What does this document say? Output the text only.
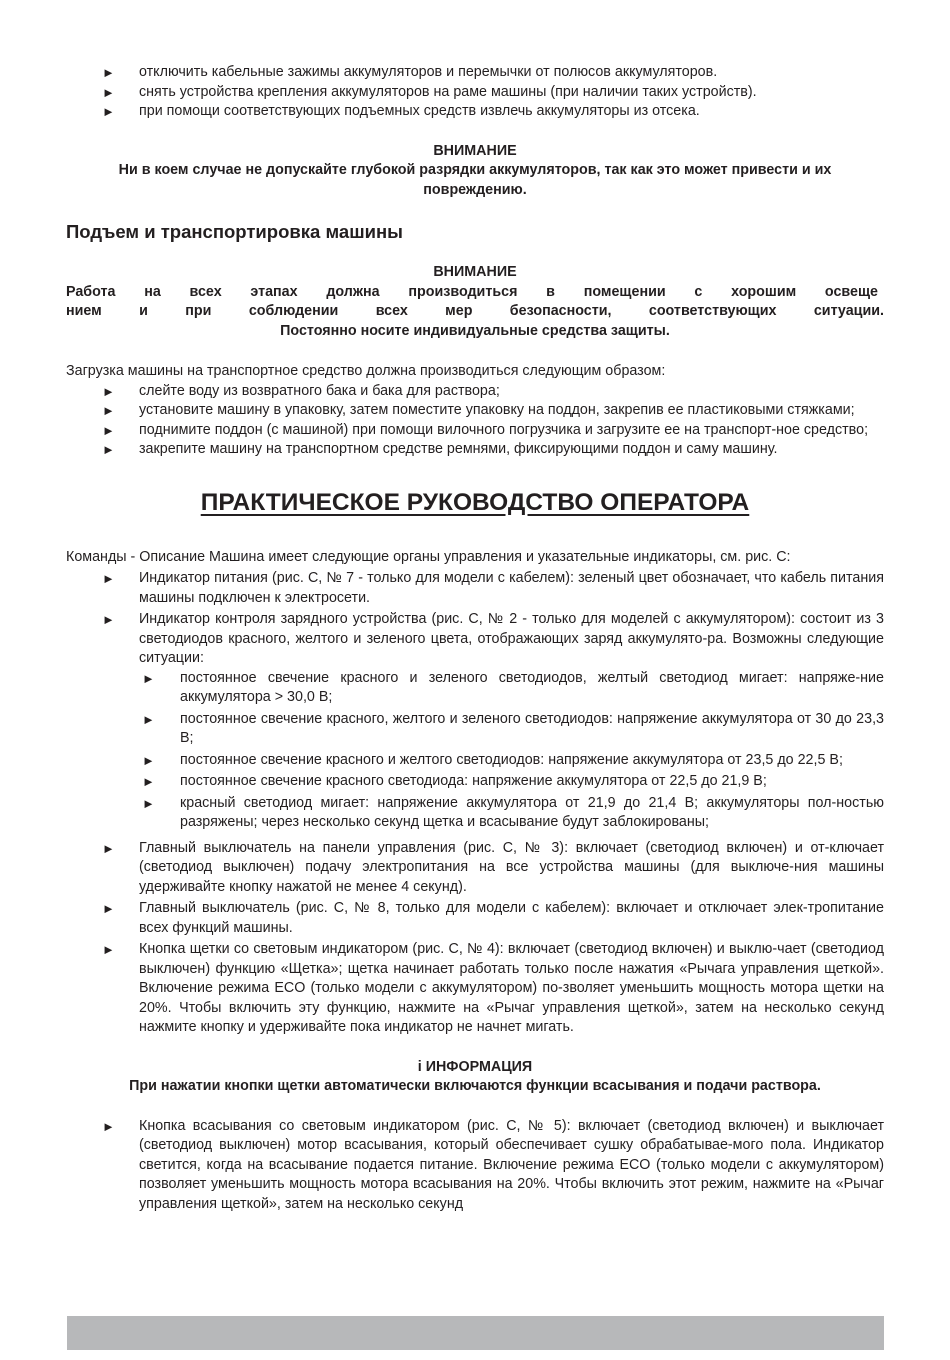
► отключить кабельные зажимы аккумуляторов и перемычки от полюсов аккумуляторов.
► снять устройства крепления аккумуляторов на раме машины (при наличии таких устройств).
► при помощи соответствующих подъемных средств извлечь аккумуляторы из отсека.
ВНИМАНИЕ
Ни в коем случае не допускайте глубокой разрядки аккумуляторов, так как это может привести и их
повреждению.
Подъем и транспортировка машины
ВНИМАНИЕ
Работа на всех этапах должна производиться в помещении с хорошим освеще
нием и при соблюдении всех мер безопасности, соответствующих ситуации.
Постоянно носите индивидуальные средства защиты.
Загрузка машины на транспортное средство должна производиться следующим образом:
► слейте воду из возвратного бака и бака для раствора;
► установите машину в упаковку, затем поместите упаковку на поддон, закрепив ее пластиковыми стяжками;
► поднимите поддон (с машиной) при помощи вилочного погрузчика и загрузите ее на транспорт-ное средство;
► закрепите машину на транспортном средстве ремнями, фиксирующими поддон и саму машину.
ПРАКТИЧЕСКОЕ РУКОВОДСТВО ОПЕРАТОРА
Команды - Описание Машина имеет следующие органы управления и указательные индикаторы, см. рис. C:
► Индикатор питания (рис. C, № 7 - только для модели с кабелем): зеленый цвет обозначает, что кабель питания машины подключен к электросети.
► Индикатор контроля зарядного устройства (рис. C, № 2 - только для моделей с аккумулятором): состоит из 3 светодиодов красного, желтого и зеленого цвета, отображающих заряд аккумулято-ра. Возможны следующие ситуации:
► постоянное свечение красного и зеленого светодиодов, желтый светодиод мигает: напряже-ние аккумулятора > 30,0 В;
► постоянное свечение красного, желтого и зеленого светодиодов: напряжение аккумулятора от 30 до 23,3 В;
► постоянное свечение красного и желтого светодиодов: напряжение аккумулятора от 23,5 до 22,5 В;
► постоянное свечение красного светодиода: напряжение аккумулятора от 22,5 до 21,9 В;
► красный светодиод мигает: напряжение аккумулятора от 21,9 до 21,4 В; аккумуляторы пол-ностью разряжены; через несколько секунд щетка и всасывание будут заблокированы;
► Главный выключатель на панели управления (рис. C, № 3): включает (светодиод включен) и от-ключает (светодиод выключен) подачу электропитания на все устройства машины (для выключе-ния машины удерживайте кнопку нажатой не менее 4 секунд).
► Главный выключатель (рис. C, № 8, только для модели с кабелем): включает и отключает элек-тропитание всех функций машины.
► Кнопка щетки со световым индикатором (рис. C, № 4): включает (светодиод включен) и выклю-чает (светодиод выключен) функцию «Щетка»; щетка начинает работать только после нажатия «Рычага управления щеткой». Включение режима ECO (только модели с аккумулятором) по-зволяет уменьшить мощность мотора щетки на 20%. Чтобы включить эту функцию, нажмите на «Рычаг управления щеткой», затем на несколько секунд нажмите кнопку и удерживайте пока индикатор не начнет мигать.
i ИНФОРМАЦИЯ
При нажатии кнопки щетки автоматически включаются функции всасывания и подачи раствора.
► Кнопка всасывания со световым индикатором (рис. C, № 5): включает (светодиод включен) и выключает (светодиод выключен) мотор всасывания, который обеспечивает сушку обрабатывае-мого пола. Индикатор светится, когда на всасывание подается питание. Включение режима ECO (только модели с аккумулятором) позволяет уменьшить мощность мотора всасывания на 20%. Чтобы включить этот режим, нажмите на «Рычаг управления щеткой», затем на несколько секунд
